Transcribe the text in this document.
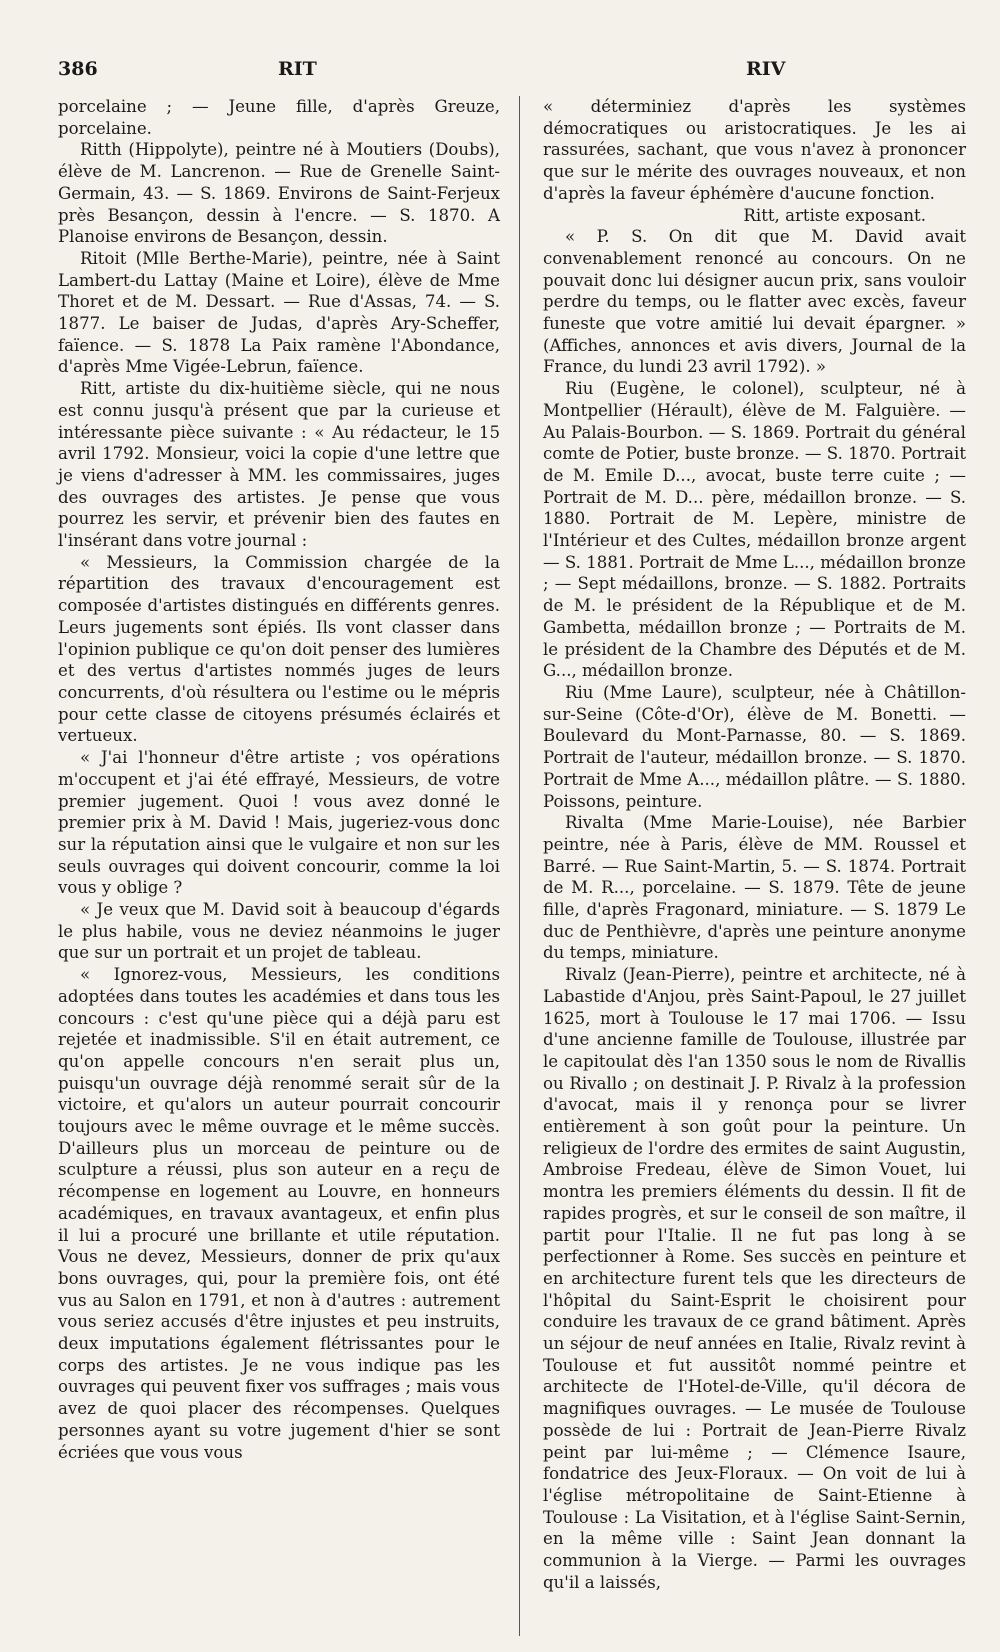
386	RIT	RIV

porcelaine ; — Jeune fille, d'après Greuze, porcelaine.

Ritth (Hippolyte), peintre né à Moutiers (Doubs), élève de M. Lancrenon. — Rue de Grenelle Saint-Germain, 43. — S. 1869. Environs de Saint-Ferjeux près Besançon, dessin à l'encre. — S. 1870. A Planoise environs de Besançon, dessin.

Ritoit (Mlle Berthe-Marie), peintre, née à Saint Lambert-du Lattay (Maine et Loire), élève de Mme Thoret et de M. Dessart. — Rue d'Assas, 74. — S. 1877. Le baiser de Judas, d'après Ary-Scheffer, faïence. — S. 1878 La Paix ramène l'Abondance, d'après Mme Vigée-Lebrun, faïence.

Ritt, artiste du dix-huitième siècle, qui ne nous est connu jusqu'à présent que par la curieuse et intéressante pièce suivante : « Au rédacteur, le 15 avril 1792. Monsieur, voici la copie d'une lettre que je viens d'adresser à MM. les commissaires, juges des ouvrages des artistes. Je pense que vous pourrez les servir, et prévenir bien des fautes en l'insérant dans votre journal :

« Messieurs, la Commission chargée de la répartition des travaux d'encouragement est composée d'artistes distingués en différents genres. Leurs jugements sont épiés. Ils vont classer dans l'opinion publique ce qu'on doit penser des lumières et des vertus d'artistes nommés juges de leurs concurrents, d'où résultera ou l'estime ou le mépris pour cette classe de citoyens présumés éclairés et vertueux.

« J'ai l'honneur d'être artiste ; vos opérations m'occupent et j'ai été effrayé, Messieurs, de votre premier jugement. Quoi ! vous avez donné le premier prix à M. David ! Mais, jugeriez-vous donc sur la réputation ainsi que le vulgaire et non sur les seuls ouvrages qui doivent concourir, comme la loi vous y oblige ?

« Je veux que M. David soit à beaucoup d'égards le plus habile, vous ne deviez néanmoins le juger que sur un portrait et un projet de tableau.

« Ignorez-vous, Messieurs, les conditions adoptées dans toutes les académies et dans tous les concours : c'est qu'une pièce qui a déjà paru est rejetée et inadmissible. S'il en était autrement, ce qu'on appelle concours n'en serait plus un, puisqu'un ouvrage déjà renommé serait sûr de la victoire, et qu'alors un auteur pourrait concourir toujours avec le même ouvrage et le même succès. D'ailleurs plus un morceau de peinture ou de sculpture a réussi, plus son auteur en a reçu de récompense en logement au Louvre, en honneurs académiques, en travaux avantageux, et enfin plus il lui a procuré une brillante et utile réputation. Vous ne devez, Messieurs, donner de prix qu'aux bons ouvrages, qui, pour la première fois, ont été vus au Salon en 1791, et non à d'autres : autrement vous seriez accusés d'être injustes et peu instruits, deux imputations également flétrissantes pour le corps des artistes. Je ne vous indique pas les ouvrages qui peuvent fixer vos suffrages ; mais vous avez de quoi placer des récompenses. Quelques personnes ayant su votre jugement d'hier se sont écriées que vous vous

« déterminiez d'après les systèmes démocratiques ou aristocratiques. Je les ai rassurées, sachant, que vous n'avez à prononcer que sur le mérite des ouvrages nouveaux, et non d'après la faveur éphémère d'aucune fonction.

Ritt, artiste exposant.

« P. S. On dit que M. David avait convenablement renoncé au concours. On ne pouvait donc lui désigner aucun prix, sans vouloir perdre du temps, ou le flatter avec excès, faveur funeste que votre amitié lui devait épargner. » (Affiches, annonces et avis divers, Journal de la France, du lundi 23 avril 1792). »

Riu (Eugène, le colonel), sculpteur, né à Montpellier (Hérault), élève de M. Falguière. — Au Palais-Bourbon. — S. 1869. Portrait du général comte de Potier, buste bronze. — S. 1870. Portrait de M. Emile D..., avocat, buste terre cuite ; — Portrait de M. D... père, médaillon bronze. — S. 1880. Portrait de M. Lepère, ministre de l'Intérieur et des Cultes, médaillon bronze argent — S. 1881. Portrait de Mme L..., médaillon bronze ; — Sept médaillons, bronze. — S. 1882. Portraits de M. le président de la République et de M. Gambetta, médaillon bronze ; — Portraits de M. le président de la Chambre des Députés et de M. G..., médaillon bronze.

Riu (Mme Laure), sculpteur, née à Châtillon-sur-Seine (Côte-d'Or), élève de M. Bonetti. — Boulevard du Mont-Parnasse, 80. — S. 1869. Portrait de l'auteur, médaillon bronze. — S. 1870. Portrait de Mme A..., médaillon plâtre. — S. 1880. Poissons, peinture.

Rivalta (Mme Marie-Louise), née Barbier peintre, née à Paris, élève de MM. Roussel et Barré. — Rue Saint-Martin, 5. — S. 1874. Portrait de M. R..., porcelaine. — S. 1879. Tête de jeune fille, d'après Fragonard, miniature. — S. 1879 Le duc de Penthièvre, d'après une peinture anonyme du temps, miniature.

Rivalz (Jean-Pierre), peintre et architecte, né à Labastide d'Anjou, près Saint-Papoul, le 27 juillet 1625, mort à Toulouse le 17 mai 1706. — Issu d'une ancienne famille de Toulouse, illustrée par le capitoulat dès l'an 1350 sous le nom de Rivallis ou Rivallo ; on destinait J. P. Rivalz à la profession d'avocat, mais il y renonça pour se livrer entièrement à son goût pour la peinture. Un religieux de l'ordre des ermites de saint Augustin, Ambroise Fredeau, élève de Simon Vouet, lui montra les premiers éléments du dessin. Il fit de rapides progrès, et sur le conseil de son maître, il partit pour l'Italie. Il ne fut pas long à se perfectionner à Rome. Ses succès en peinture et en architecture furent tels que les directeurs de l'hôpital du Saint-Esprit le choisirent pour conduire les travaux de ce grand bâtiment. Après un séjour de neuf années en Italie, Rivalz revint à Toulouse et fut aussitôt nommé peintre et architecte de l'Hotel-de-Ville, qu'il décora de magnifiques ouvrages. — Le musée de Toulouse possède de lui : Portrait de Jean-Pierre Rivalz peint par lui-même ; — Clémence Isaure, fondatrice des Jeux-Floraux. — On voit de lui à l'église métropolitaine de Saint-Etienne à Toulouse : La Visitation, et à l'église Saint-Sernin, en la même ville : Saint Jean donnant la communion à la Vierge. — Parmi les ouvrages qu'il a laissés,
